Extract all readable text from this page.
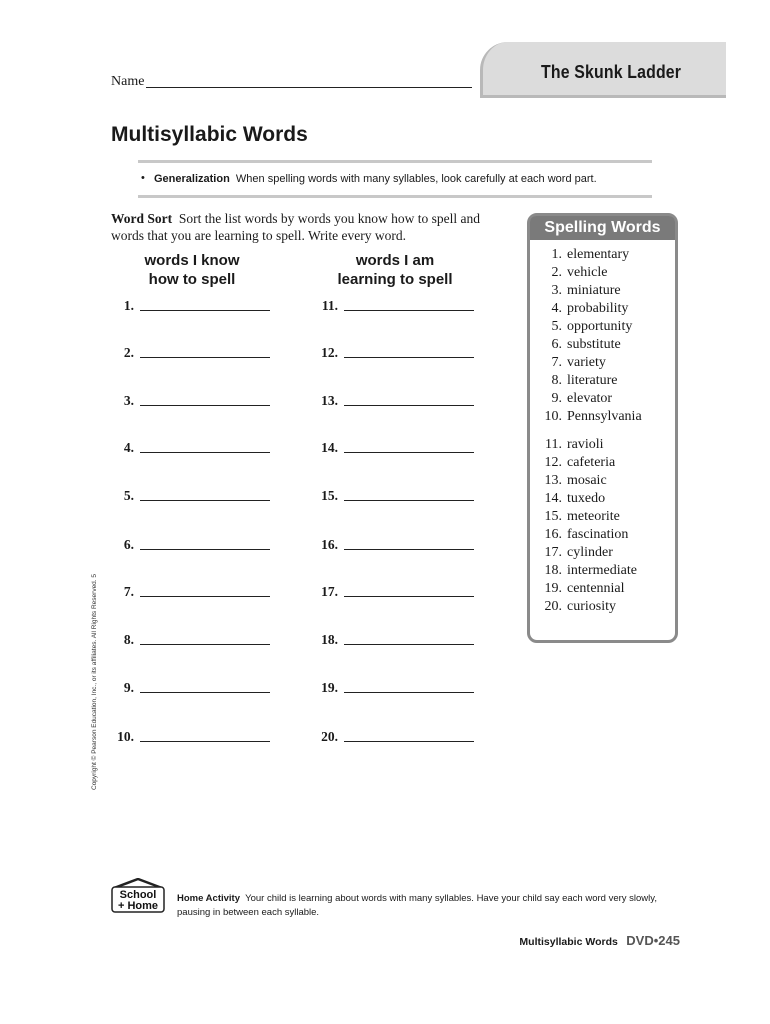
The Skunk Ladder
Name
Multisyllabic Words
• Generalization When spelling words with many syllables, look carefully at each word part.
Word Sort Sort the list words by words you know how to spell and words that you are learning to spell. Write every word.
words I know
how to spell
words I am
learning to spell
1.
2.
3.
4.
5.
6.
7.
8.
9.
10.
11.
12.
13.
14.
15.
16.
17.
18.
19.
20.
Spelling Words
1. elementary
2. vehicle
3. miniature
4. probability
5. opportunity
6. substitute
7. variety
8. literature
9. elevator
10. Pennsylvania
11. ravioli
12. cafeteria
13. mosaic
14. tuxedo
15. meteorite
16. fascination
17. cylinder
18. intermediate
19. centennial
20. curiosity
Copyright © Pearson Education, Inc., or its affiliates. All Rights Reserved. 5
School
+ Home
Home Activity Your child is learning about words with many syllables. Have your child say each word very slowly, pausing in between each syllable.
Multisyllabic Words DVD•245
